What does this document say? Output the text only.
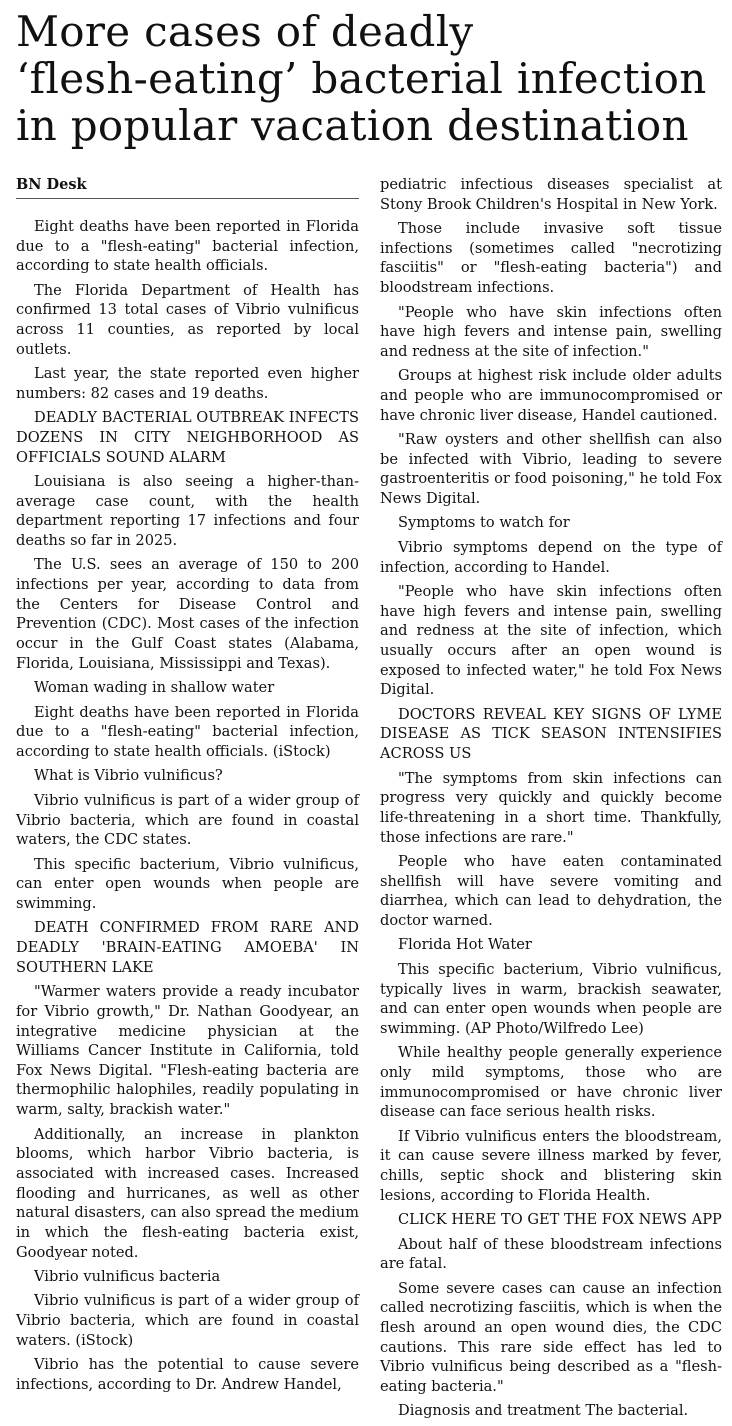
More cases of deadly
‘flesh-eating’ bacterial infection
in popular vacation destination
BN Desk

Eight deaths have been reported in Florida due to a "flesh-eating" bacterial infection, according to state health officials.

The Florida Department of Health has confirmed 13 total cases of Vibrio vulnificus across 11 counties, as reported by local outlets.

Last year, the state reported even higher numbers: 82 cases and 19 deaths.

DEADLY BACTERIAL OUTBREAK INFECTS DOZENS IN CITY NEIGHBORHOOD AS OFFICIALS SOUND ALARM

Louisiana is also seeing a higher-than-average case count, with the health department reporting 17 infections and four deaths so far in 2025.

The U.S. sees an average of 150 to 200 infections per year, according to data from the Centers for Disease Control and Prevention (CDC). Most cases of the infection occur in the Gulf Coast states (Alabama, Florida, Louisiana, Mississippi and Texas).

Woman wading in shallow water

Eight deaths have been reported in Florida due to a "flesh-eating" bacterial infection, according to state health officials. (iStock)

What is Vibrio vulnificus?

Vibrio vulnificus is part of a wider group of Vibrio bacteria, which are found in coastal waters, the CDC states.

This specific bacterium, Vibrio vulnificus, can enter open wounds when people are swimming.

DEATH CONFIRMED FROM RARE AND DEADLY 'BRAIN-EATING AMOEBA' IN SOUTHERN LAKE

"Warmer waters provide a ready incubator for Vibrio growth," Dr. Nathan Goodyear, an integrative medicine physician at the Williams Cancer Institute in California, told Fox News Digital. "Flesh-eating bacteria are thermophilic halophiles, readily populating in warm, salty, brackish water."

Additionally, an increase in plankton blooms, which harbor Vibrio bacteria, is associated with increased cases. Increased flooding and hurricanes, as well as other natural disasters, can also spread the medium in which the flesh-eating bacteria exist, Goodyear noted.

Vibrio vulnificus bacteria

Vibrio vulnificus is part of a wider group of Vibrio bacteria, which are found in coastal waters. (iStock)

Vibrio has the potential to cause severe infections, according to Dr. Andrew Handel,

pediatric infectious diseases specialist at Stony Brook Children's Hospital in New York.

Those include invasive soft tissue infections (sometimes called "necrotizing fasciitis" or "flesh-eating bacteria") and bloodstream infections.

"People who have skin infections often have high fevers and intense pain, swelling and redness at the site of infection."

Groups at highest risk include older adults and people who are immunocompromised or have chronic liver disease, Handel cautioned.

"Raw oysters and other shellfish can also be infected with Vibrio, leading to severe gastroenteritis or food poisoning," he told Fox News Digital.

Symptoms to watch for

Vibrio symptoms depend on the type of infection, according to Handel.

"People who have skin infections often have high fevers and intense pain, swelling and redness at the site of infection, which usually occurs after an open wound is exposed to infected water," he told Fox News Digital.

DOCTORS REVEAL KEY SIGNS OF LYME DISEASE AS TICK SEASON INTENSIFIES ACROSS US

"The symptoms from skin infections can progress very quickly and quickly become life-threatening in a short time. Thankfully, those infections are rare."

People who have eaten contaminated shellfish will have severe vomiting and diarrhea, which can lead to dehydration, the doctor warned.

Florida Hot Water

This specific bacterium, Vibrio vulnificus, typically lives in warm, brackish seawater, and can enter open wounds when people are swimming. (AP Photo/Wilfredo Lee)

While healthy people generally experience only mild symptoms, those who are immunocompromised or have chronic liver disease can face serious health risks.

If Vibrio vulnificus enters the bloodstream, it can cause severe illness marked by fever, chills, septic shock and blistering skin lesions, according to Florida Health.

CLICK HERE TO GET THE FOX NEWS APP

About half of these bloodstream infections are fatal.

Some severe cases can cause an infection called necrotizing fasciitis, which is when the flesh around an open wound dies, the CDC cautions. This rare side effect has led to Vibrio vulnificus being described as a "flesh-eating bacteria."

Diagnosis and treatment The bacterial.
